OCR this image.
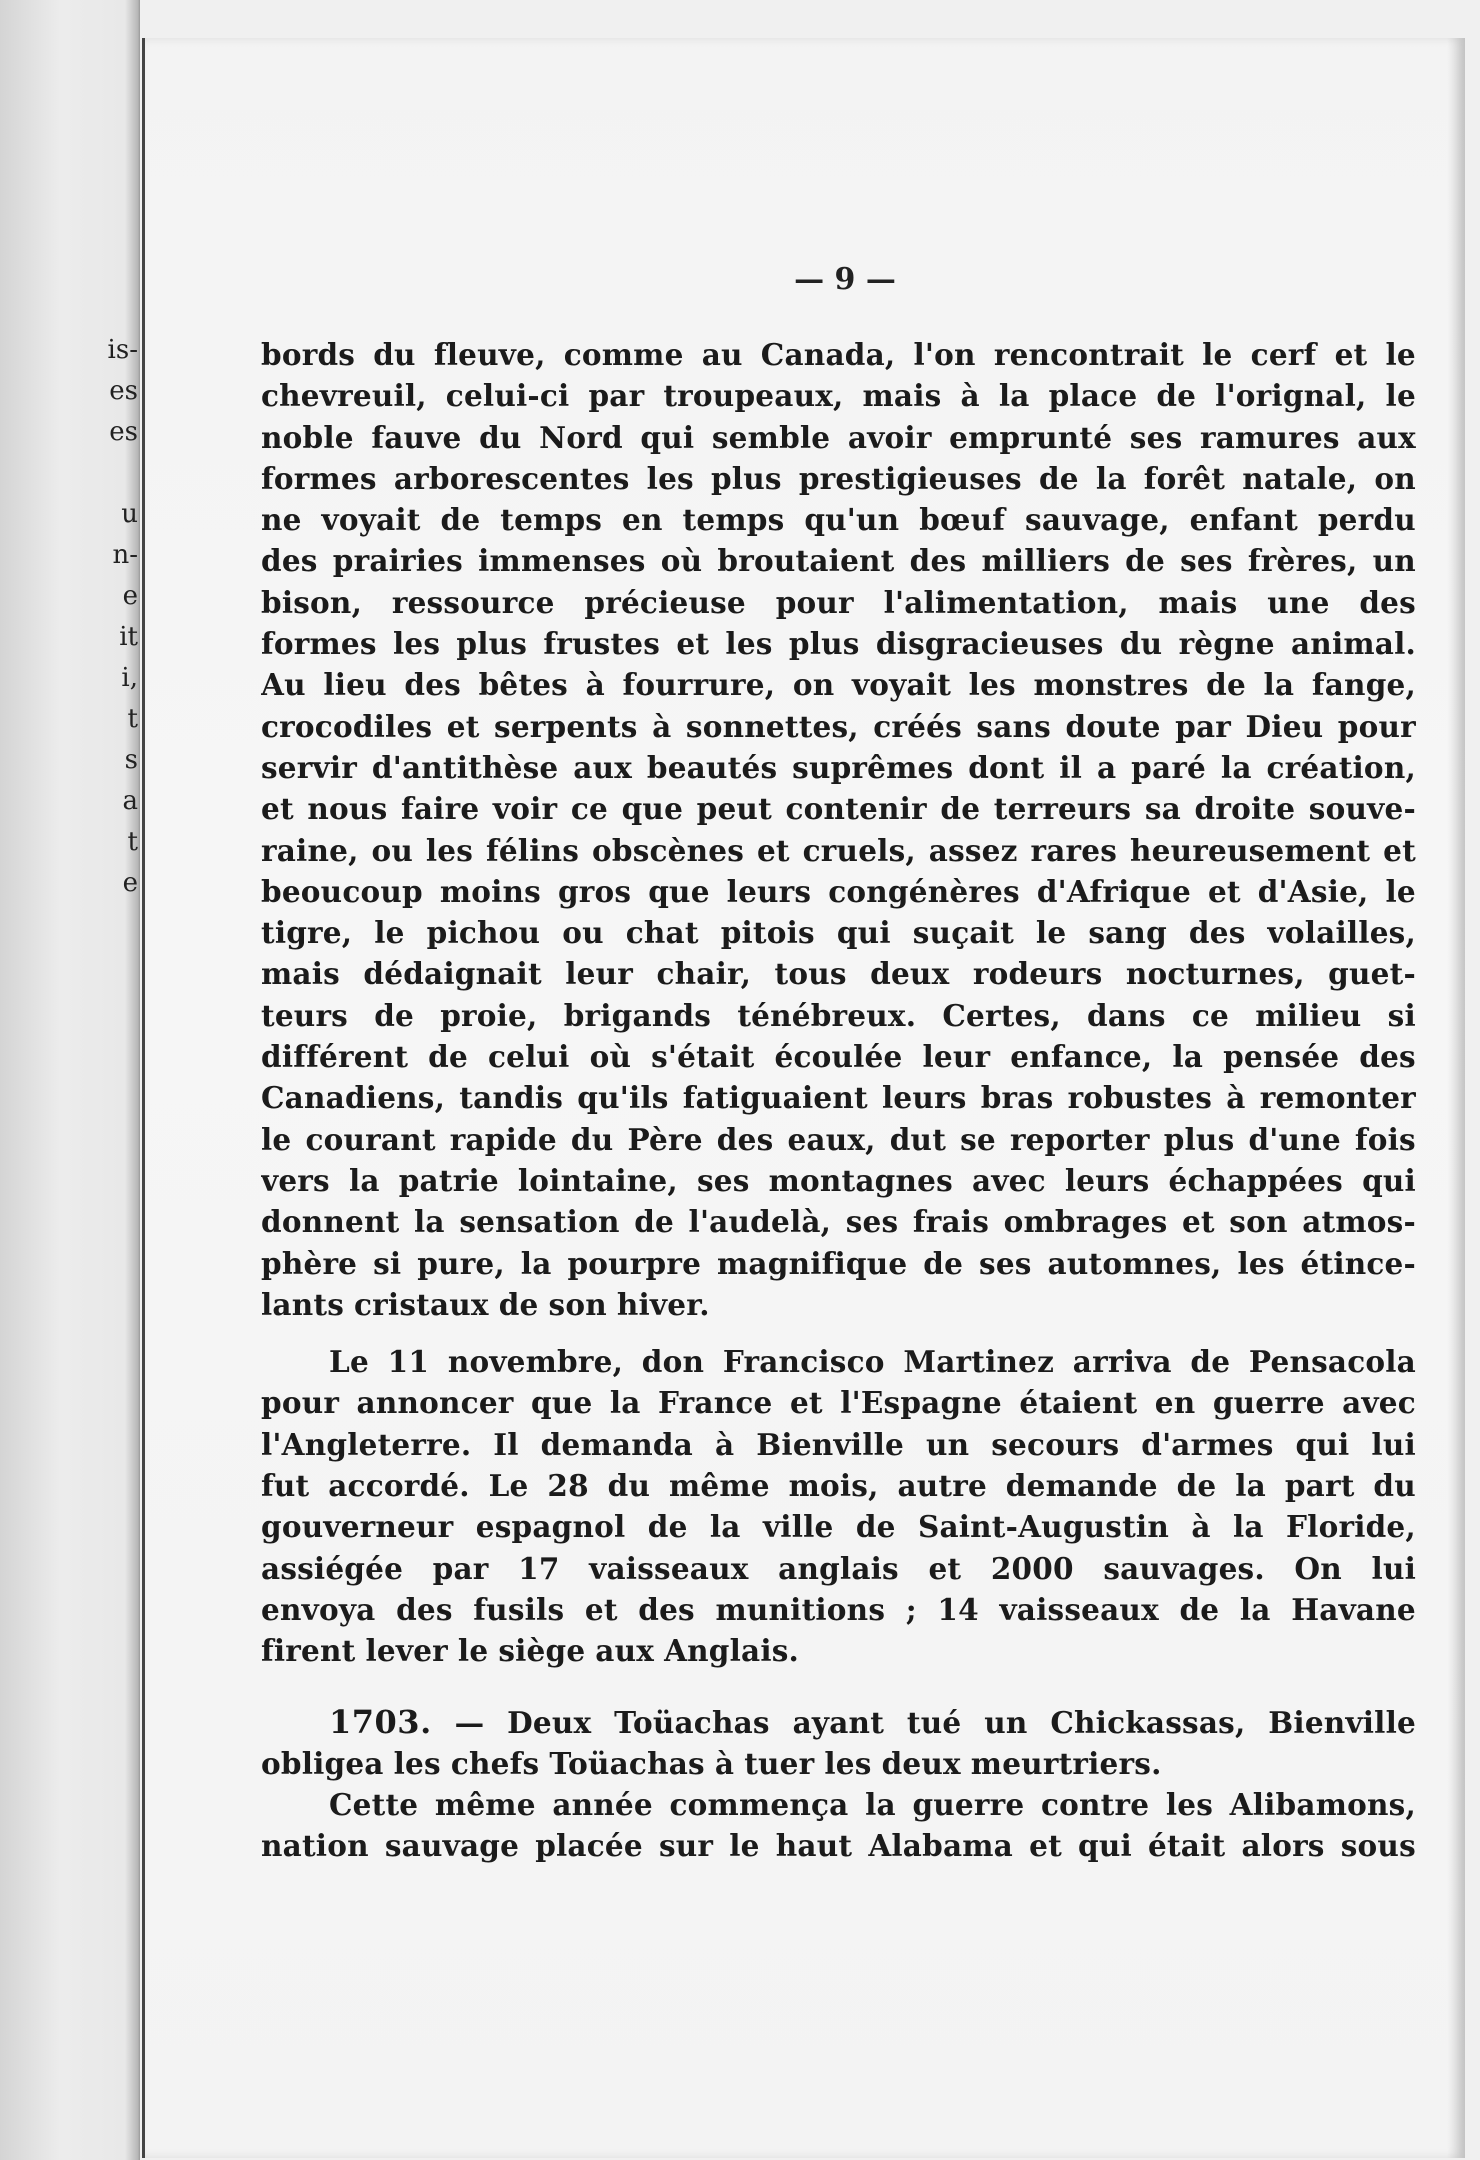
is-
es
es
u
n-
e
it
i,
t
s
a
t
e
— 9 —
bords du fleuve, comme au Canada, l'on rencontrait le cerf et le
chevreuil, celui-ci par troupeaux, mais à la place de l'orignal, le
noble fauve du Nord qui semble avoir emprunté ses ramures aux
formes arborescentes les plus prestigieuses de la forêt natale, on
ne voyait de temps en temps qu'un bœuf sauvage, enfant perdu
des prairies immenses où broutaient des milliers de ses frères, un
bison, ressource précieuse pour l'alimentation, mais une des
formes les plus frustes et les plus disgracieuses du règne animal.
Au lieu des bêtes à fourrure, on voyait les monstres de la fange,
crocodiles et serpents à sonnettes, créés sans doute par Dieu pour
servir d'antithèse aux beautés suprêmes dont il a paré la création,
et nous faire voir ce que peut contenir de terreurs sa droite souve-
raine, ou les félins obscènes et cruels, assez rares heureusement et
beoucoup moins gros que leurs congénères d'Afrique et d'Asie, le
tigre, le pichou ou chat pitois qui suçait le sang des volailles,
mais dédaignait leur chair, tous deux rodeurs nocturnes, guet-
teurs de proie, brigands ténébreux. Certes, dans ce milieu si
différent de celui où s'était écoulée leur enfance, la pensée des
Canadiens, tandis qu'ils fatiguaient leurs bras robustes à remonter
le courant rapide du Père des eaux, dut se reporter plus d'une fois
vers la patrie lointaine, ses montagnes avec leurs échappées qui
donnent la sensation de l'audelà, ses frais ombrages et son atmos-
phère si pure, la pourpre magnifique de ses automnes, les étince-
lants cristaux de son hiver.
Le 11 novembre, don Francisco Martinez arriva de Pensacola
pour annoncer que la France et l'Espagne étaient en guerre avec
l'Angleterre. Il demanda à Bienville un secours d'armes qui lui
fut accordé. Le 28 du même mois, autre demande de la part du
gouverneur espagnol de la ville de Saint-Augustin à la Floride,
assiégée par 17 vaisseaux anglais et 2000 sauvages. On lui
envoya des fusils et des munitions ; 14 vaisseaux de la Havane
firent lever le siège aux Anglais.
1703. — Deux Toüachas ayant tué un Chickassas, Bienville
obligea les chefs Toüachas à tuer les deux meurtriers.
Cette même année commença la guerre contre les Alibamons,
nation sauvage placée sur le haut Alabama et qui était alors sous
